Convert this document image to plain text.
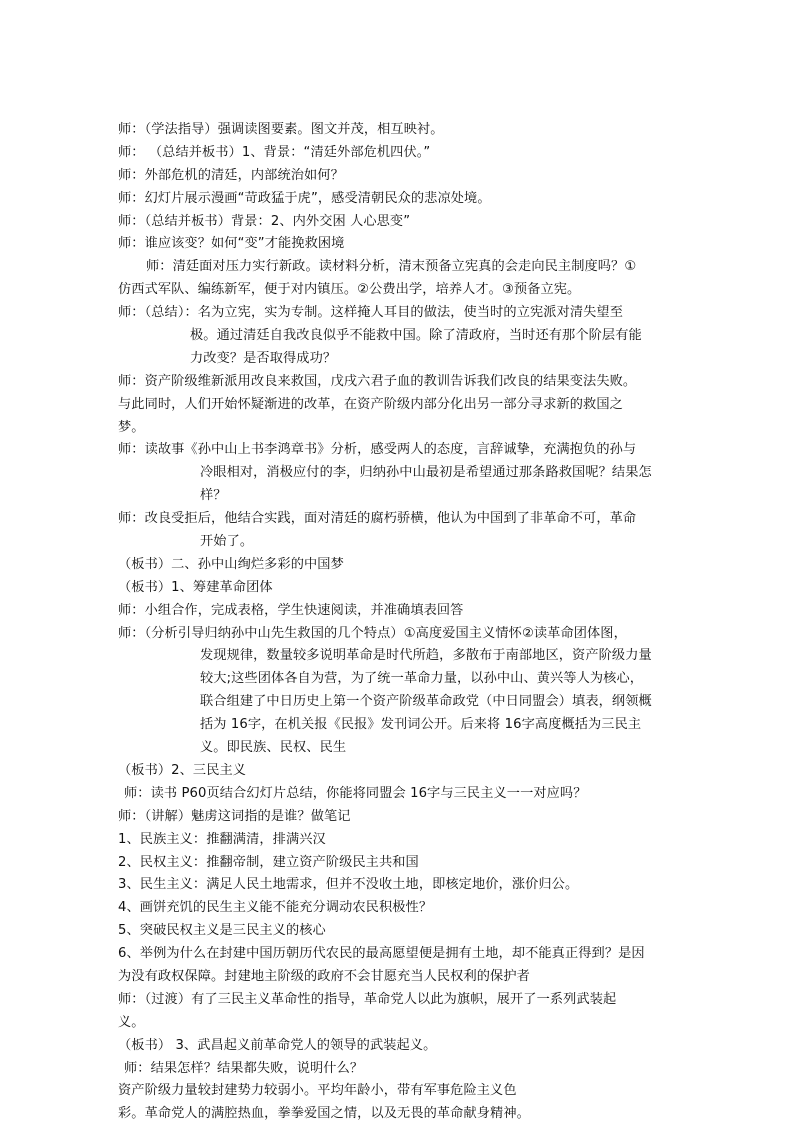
师：（学法指导）强调读图要素。图文并茂，相互映衬。
师： （总结并板书）1、背景：“清廷外部危机四伏。”
师：外部危机的清廷，内部统治如何？
师：幻灯片展示漫画“苛政猛于虎”，感受清朝民众的悲凉处境。
师：（总结并板书）背景：2、内外交困 人心思变”
师：谁应该变？如何“变”才能挽救困境
师：清廷面对压力实行新政。读材料分析，清末预备立宪真的会走向民主制度吗？①
仿西式军队、编练新军，便于对内镇压。②公费出学，培养人才。③预备立宪。
师：（总结）：名为立宪，实为专制。这样掩人耳目的做法，使当时的立宪派对清失望至
极。通过清廷自我改良似乎不能救中国。除了清政府，当时还有那个阶层有能
力改变？是否取得成功？
师：资产阶级维新派用改良来救国，戊戌六君子血的教训告诉我们改良的结果变法失败。
与此同时，人们开始怀疑渐进的改革，在资产阶级内部分化出另一部分寻求新的救国之
梦。
师：读故事《孙中山上书李鸿章书》分析，感受两人的态度，言辞诚挚，充满抱负的孙与
冷眼相对，消极应付的李，归纳孙中山最初是希望通过那条路救国呢？结果怎
样？
师：改良受拒后，他结合实践，面对清廷的腐朽骄横，他认为中国到了非革命不可，革命
开始了。
（板书）二、孙中山绚烂多彩的中国梦
（板书）1、筹建革命团体
师：小组合作，完成表格，学生快速阅读，并准确填表回答
师：（分析引导归纳孙中山先生救国的几个特点）①高度爱国主义情怀②读革命团体图，
发现规律，数量较多说明革命是时代所趋，多散布于南部地区，资产阶级力量
较大;这些团体各自为营，为了统一革命力量，以孙中山、黄兴等人为核心，
联合组建了中日历史上第一个资产阶级革命政党（中日同盟会）填表，纲领概
括为 16字，在机关报《民报》发刊词公开。后来将 16字高度概括为三民主
义。即民族、民权、民生
（板书）2、三民主义
师：读书 P60页结合幻灯片总结，你能将同盟会 16字与三民主义一一对应吗？
师：（讲解）魅虏这词指的是谁？做笔记
1、民族主义：推翻满清，排满兴汉
2、民权主义：推翻帝制，建立资产阶级民主共和国
3、民生主义：满足人民土地需求，但并不没收土地，即核定地价，涨价归公。
4、画饼充饥的民生主义能不能充分调动农民积极性？
5、突破民权主义是三民主义的核心
6、举例为什么在封建中国历朝历代农民的最高愿望便是拥有土地，却不能真正得到？是因
为没有政权保障。封建地主阶级的政府不会甘愿充当人民权利的保护者
师：（过渡）有了三民主义革命性的指导，革命党人以此为旗帜，展开了一系列武装起
义。
（板书） 3、武昌起义前革命党人的领导的武装起义。
师：结果怎样？结果都失败，说明什么？
资产阶级力量较封建势力较弱小。平均年龄小，带有军事危险主义色
彩。革命党人的满腔热血，拳拳爱国之情，以及无畏的革命献身精神。
